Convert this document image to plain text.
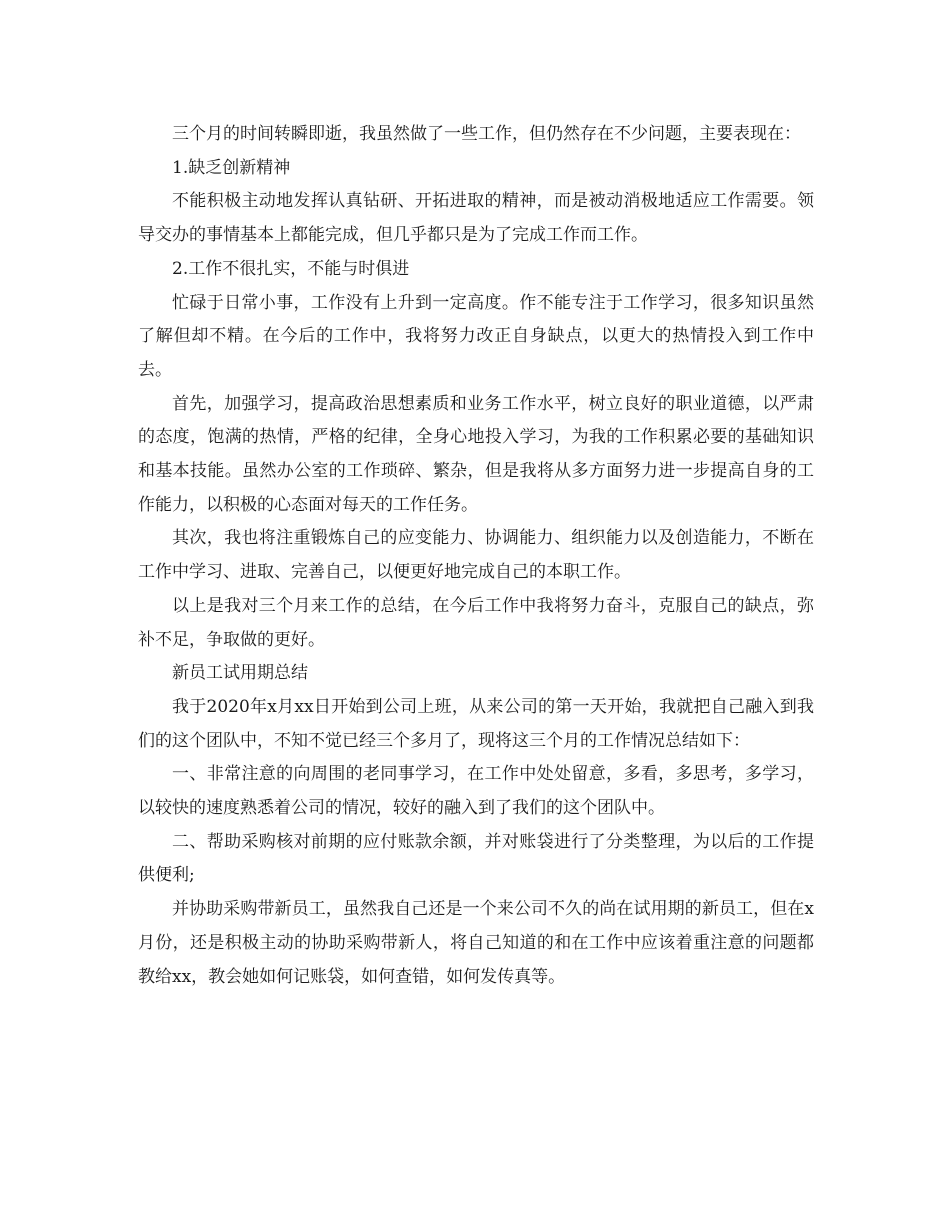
三个月的时间转瞬即逝，我虽然做了一些工作，但仍然存在不少问题，主要表现在：

1.缺乏创新精神

不能积极主动地发挥认真钻研、开拓进取的精神，而是被动消极地适应工作需要。领导交办的事情基本上都能完成，但几乎都只是为了完成工作而工作。

2.工作不很扎实，不能与时俱进

忙碌于日常小事，工作没有上升到一定高度。作不能专注于工作学习，很多知识虽然了解但却不精。在今后的工作中，我将努力改正自身缺点，以更大的热情投入到工作中去。

首先，加强学习，提高政治思想素质和业务工作水平，树立良好的职业道德，以严肃的态度，饱满的热情，严格的纪律，全身心地投入学习，为我的工作积累必要的基础知识和基本技能。虽然办公室的工作琐碎、繁杂，但是我将从多方面努力进一步提高自身的工作能力，以积极的心态面对每天的工作任务。

其次，我也将注重锻炼自己的应变能力、协调能力、组织能力以及创造能力，不断在工作中学习、进取、完善自己，以便更好地完成自己的本职工作。

以上是我对三个月来工作的总结，在今后工作中我将努力奋斗，克服自己的缺点，弥补不足，争取做的更好。

新员工试用期总结

我于2020年x月xx日开始到公司上班，从来公司的第一天开始，我就把自己融入到我们的这个团队中，不知不觉已经三个多月了，现将这三个月的工作情况总结如下：

一、非常注意的向周围的老同事学习，在工作中处处留意，多看，多思考，多学习，以较快的速度熟悉着公司的情况，较好的融入到了我们的这个团队中。

二、帮助采购核对前期的应付账款余额，并对账袋进行了分类整理，为以后的工作提供便利;

并协助采购带新员工，虽然我自己还是一个来公司不久的尚在试用期的新员工，但在x月份，还是积极主动的协助采购带新人，将自己知道的和在工作中应该着重注意的问题都教给xx，教会她如何记账袋，如何查错，如何发传真等。
